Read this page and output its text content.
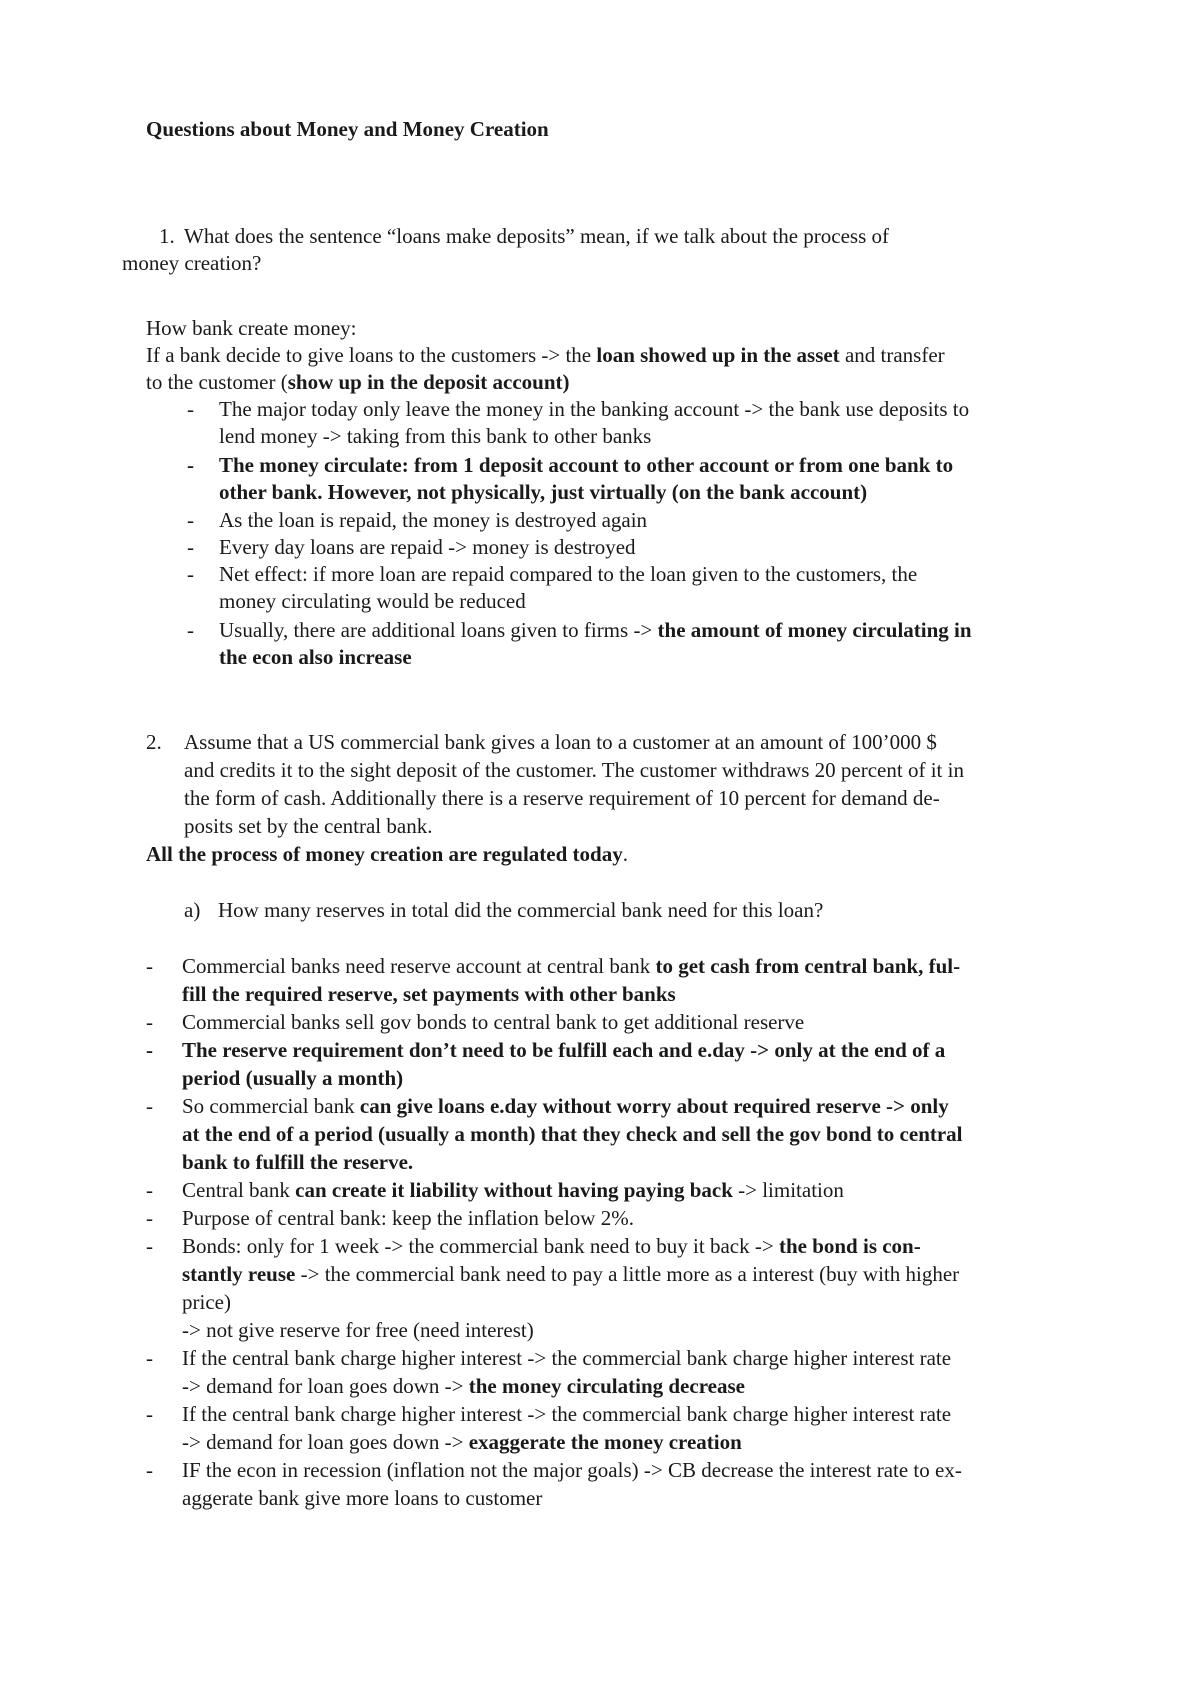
Questions about Money and Money Creation
1. What does the sentence “loans make deposits” mean, if we talk about the process of
money creation?
How bank create money:
If a bank decide to give loans to the customers -> the loan showed up in the asset and transfer
to the customer (show up in the deposit account)
- The major today only leave the money in the banking account -> the bank use deposits to
lend money -> taking from this bank to other banks
- The money circulate: from 1 deposit account to other account or from one bank to
other bank. However, not physically, just virtually (on the bank account)
- As the loan is repaid, the money is destroyed again
- Every day loans are repaid -> money is destroyed
- Net effect: if more loan are repaid compared to the loan given to the customers, the
money circulating would be reduced
- Usually, there are additional loans given to firms -> the amount of money circulating in
the econ also increase
2. Assume that a US commercial bank gives a loan to a customer at an amount of 100’000 $
and credits it to the sight deposit of the customer. The customer withdraws 20 percent of it in
the form of cash. Additionally there is a reserve requirement of 10 percent for demand de-
posits set by the central bank.
All the process of money creation are regulated today.
a) How many reserves in total did the commercial bank need for this loan?
- Commercial banks need reserve account at central bank to get cash from central bank, ful-
fill the required reserve, set payments with other banks
- Commercial banks sell gov bonds to central bank to get additional reserve
- The reserve requirement don’t need to be fulfill each and e.day -> only at the end of a
period (usually a month)
- So commercial bank can give loans e.day without worry about required reserve -> only
at the end of a period (usually a month) that they check and sell the gov bond to central
bank to fulfill the reserve.
- Central bank can create it liability without having paying back -> limitation
- Purpose of central bank: keep the inflation below 2%.
- Bonds: only for 1 week -> the commercial bank need to buy it back -> the bond is con-
stantly reuse -> the commercial bank need to pay a little more as a interest (buy with higher
price)
-> not give reserve for free (need interest)
- If the central bank charge higher interest -> the commercial bank charge higher interest rate
-> demand for loan goes down -> the money circulating decrease
- If the central bank charge higher interest -> the commercial bank charge higher interest rate
-> demand for loan goes down -> exaggerate the money creation
- IF the econ in recession (inflation not the major goals) -> CB decrease the interest rate to ex-
aggerate bank give more loans to customer
